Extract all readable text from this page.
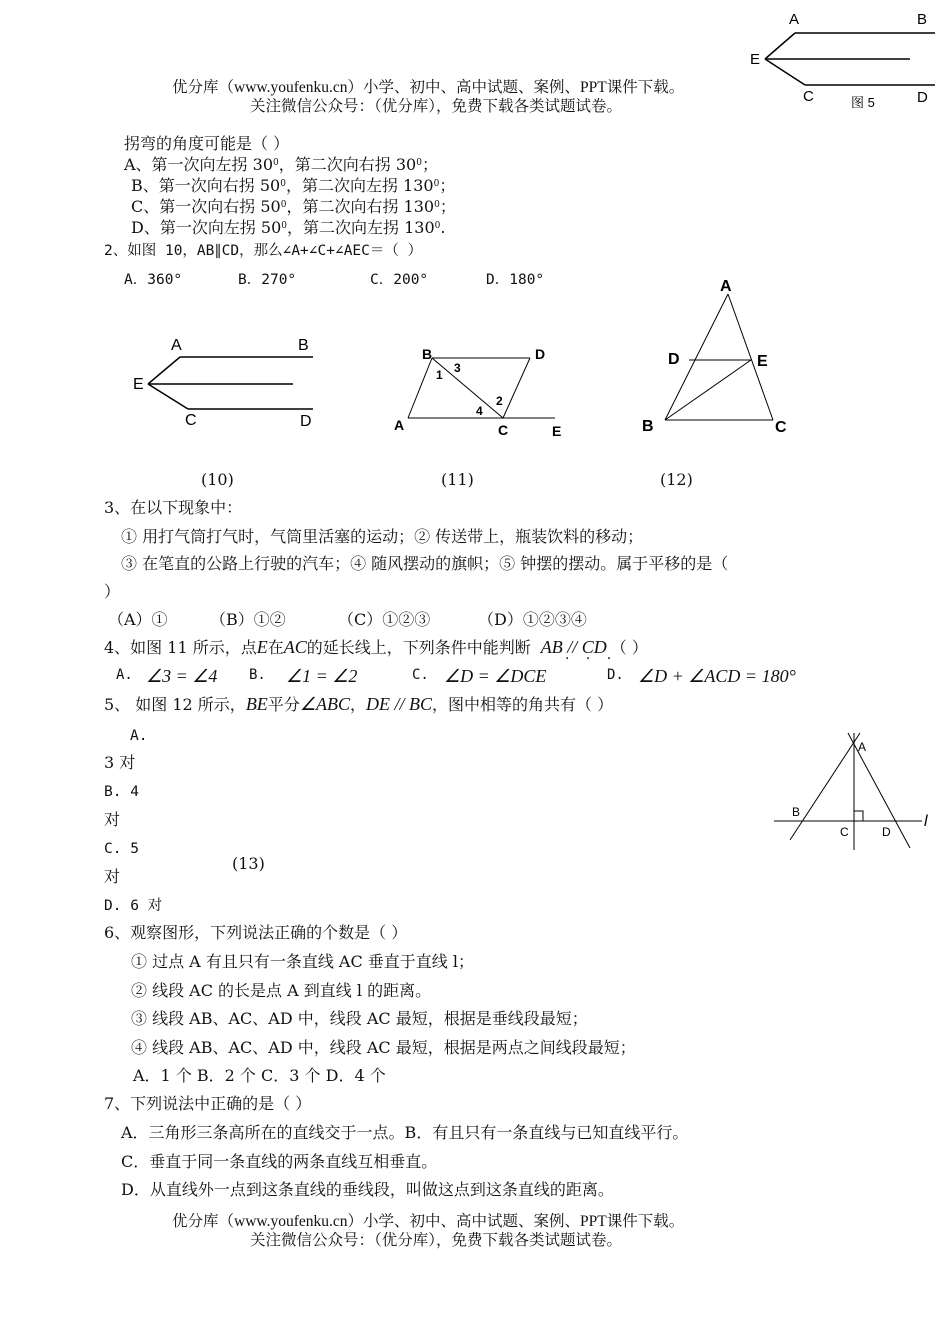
优分库（www.youfenku.cn）小学、初中、高中试题、案例、PPT课件下载。
关注微信公众号：（优分库），免费下载各类试题试卷。
A	B
E
C	D
图 5
拐弯的角度可能是（ ）
A、第一次向左拐 $30^0$，第二次向右拐 $30^0$；
B、第一次向右拐 $50^0$，第二次向左拐 $130^0$；
C、第一次向右拐 $50^0$，第二次向右拐 $130^0$；
D、第一次向左拐 $50^0$，第二次向左拐 $130^0$.
2、如图 10，AB∥CD，那么∠A+∠C+∠AEC＝（ ）
A．360°	B．270°	C．200°	D．180°
A	B
E
C	D
(10)
B	D
A	C	E
1 3
2
4
(11)
A
D	E
B	C
(12)
3、在以下现象中：
① 用打气筒打气时，气筒里活塞的运动；② 传送带上，瓶装饮料的移动；
③ 在笔直的公路上行驶的汽车；④ 随风摆动的旗帜；⑤ 钟摆的摆动。属于平移的是（
）
（A）①	（B）①②	（C）①②③	（D）①②③④
4、如图 11 所示，点E在AC的延长线上，下列条件中能判断 AB // CD （ ）
· · ·
A. ∠3 = ∠4 B. ∠1 = ∠2	C. ∠D = ∠DCE	D. ∠D + ∠ACD = 180°
5、 如图 12 所示，BE平分∠ABC，DE // BC，图中相等的角共有（ ）
A.
3 对
B. 4
对
C. 5
对
D. 6 对
(13)
A
B
C	D
l
6、观察图形，下列说法正确的个数是（ ）
① 过点 A 有且只有一条直线 AC 垂直于直线 l；
② 线段 AC 的长是点 A 到直线 l 的距离。
③ 线段 AB、AC、AD 中，线段 AC 最短，根据是垂线段最短；
④ 线段 AB、AC、AD 中，线段 AC 最短，根据是两点之间线段最短；
A．1 个 B．2 个 C．3 个 D．4 个
7、下列说法中正确的是（ ）
A．三角形三条高所在的直线交于一点。B．有且只有一条直线与已知直线平行。
C．垂直于同一条直线的两条直线互相垂直。
D．从直线外一点到这条直线的垂线段，叫做这点到这条直线的距离。
优分库（www.youfenku.cn）小学、初中、高中试题、案例、PPT课件下载。
关注微信公众号：（优分库），免费下载各类试题试卷。
